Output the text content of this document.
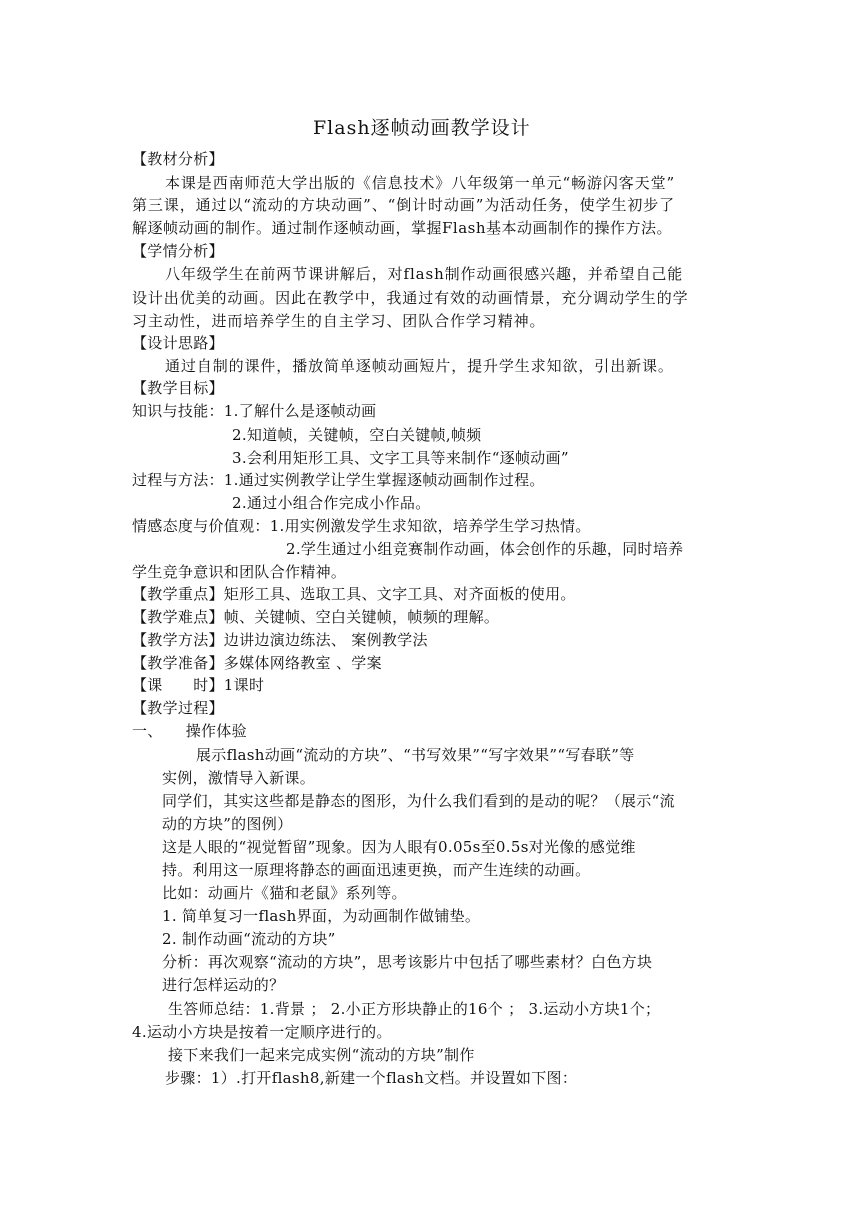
Flash逐帧动画教学设计
【教材分析】
本课是西南师范大学出版的《信息技术》八年级第一单元“畅游闪客天堂”
第三课，通过以“流动的方块动画”、“倒计时动画”为活动任务，使学生初步了
解逐帧动画的制作。通过制作逐帧动画，掌握Flash基本动画制作的操作方法。
【学情分析】
八年级学生在前两节课讲解后，对flash制作动画很感兴趣，并希望自己能
设计出优美的动画。因此在教学中，我通过有效的动画情景，充分调动学生的学
习主动性，进而培养学生的自主学习、团队合作学习精神。
【设计思路】
通过自制的课件，播放简单逐帧动画短片，提升学生求知欲，引出新课。
【教学目标】
知识与技能：1.了解什么是逐帧动画
2.知道帧，关键帧，空白关键帧,帧频
3.会利用矩形工具、文字工具等来制作“逐帧动画”
过程与方法：1.通过实例教学让学生掌握逐帧动画制作过程。
2.通过小组合作完成小作品。
情感态度与价值观：1.用实例激发学生求知欲，培养学生学习热情。
2.学生通过小组竞赛制作动画，体会创作的乐趣，同时培养
学生竞争意识和团队合作精神。
【教学重点】矩形工具、选取工具、文字工具、对齐面板的使用。
【教学难点】帧、关键帧、空白关键帧，帧频的理解。
【教学方法】边讲边演边练法、 案例教学法
【教学准备】多媒体网络教室 、学案
【课　　时】1课时
【教学过程】
一、　　操作体验
展示flash动画“流动的方块”、“书写效果”“写字效果”“写春联”等
实例，激情导入新课。
同学们，其实这些都是静态的图形，为什么我们看到的是动的呢？（展示“流
动的方块”的图例）
这是人眼的“视觉暂留”现象。因为人眼有0.05s至0.5s对光像的感觉维
持。利用这一原理将静态的画面迅速更换，而产生连续的动画。
比如：动画片《猫和老鼠》系列等。
1. 简单复习一flash界面，为动画制作做铺垫。
2. 制作动画“流动的方块”
分析：再次观察“流动的方块”，思考该影片中包括了哪些素材？白色方块
进行怎样运动的？
生答师总结：1.背景 ； 2.小正方形块静止的16个 ； 3.运动小方块1个；
4.运动小方块是按着一定顺序进行的。
接下来我们一起来完成实例“流动的方块”制作
步骤：1）.打开flash8,新建一个flash文档。并设置如下图：
